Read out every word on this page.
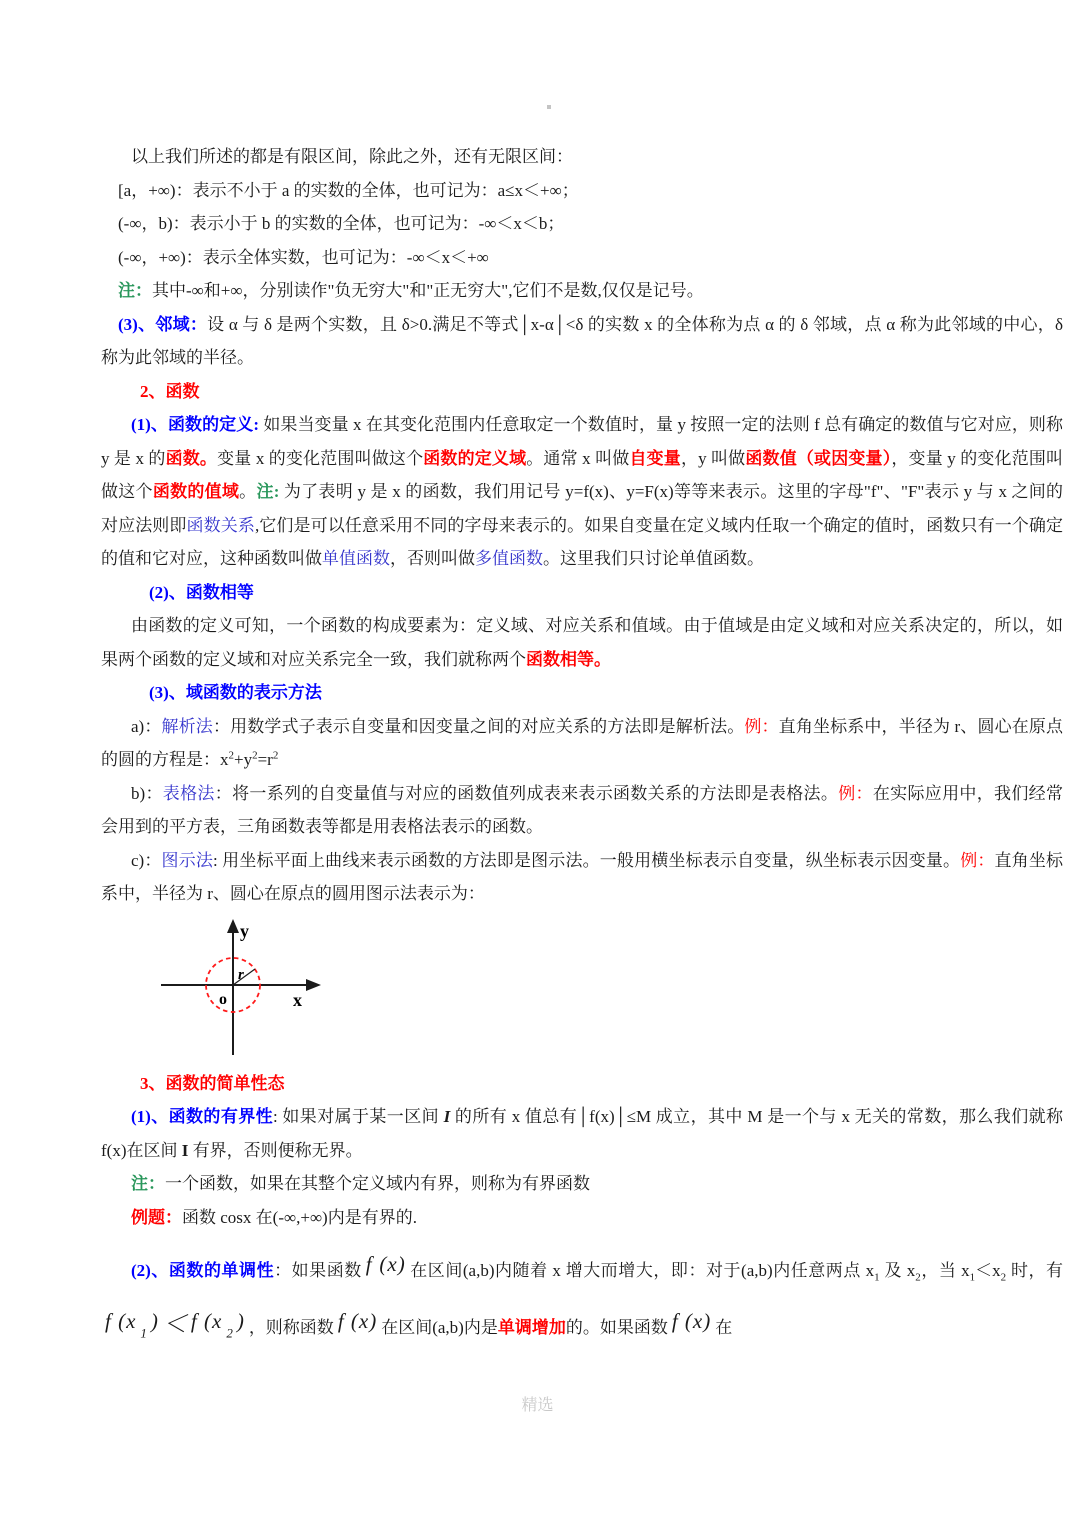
以上我们所述的都是有限区间，除此之外，还有无限区间：
[a，+∞)：表示不小于 a 的实数的全体，也可记为：a≤x＜+∞；
(-∞，b)：表示小于 b 的实数的全体，也可记为：-∞＜x＜b；
(-∞，+∞)：表示全体实数，也可记为：-∞＜x＜+∞
注：其中-∞和+∞，分别读作"负无穷大"和"正无穷大",它们不是数,仅仅是记号。
(3)、邻域：设 α 与 δ 是两个实数，且 δ>0.满足不等式│x-α│<δ 的实数 x 的全体称为点 α 的 δ 邻域，点 α 称为此邻域的中心，δ 称为此邻域的半径。
2、函数
(1)、函数的定义: 如果当变量 x 在其变化范围内任意取定一个数值时，量 y 按照一定的法则 f 总有确定的数值与它对应，则称 y 是 x 的函数。变量 x 的变化范围叫做这个函数的定义域。通常 x 叫做自变量，y 叫做函数值（或因变量），变量 y 的变化范围叫做这个函数的值域。注: 为了表明 y 是 x 的函数，我们用记号 y=f(x)、y=F(x)等等来表示。这里的字母"f"、"F"表示 y 与 x 之间的对应法则即函数关系,它们是可以任意采用不同的字母来表示的。如果自变量在定义域内任取一个确定的值时，函数只有一个确定的值和它对应，这种函数叫做单值函数，否则叫做多值函数。这里我们只讨论单值函数。
(2)、函数相等
由函数的定义可知，一个函数的构成要素为：定义域、对应关系和值域。由于值域是由定义域和对应关系决定的，所以，如果两个函数的定义域和对应关系完全一致，我们就称两个函数相等。
(3)、域函数的表示方法
a)：解析法：用数学式子表示自变量和因变量之间的对应关系的方法即是解析法。例：直角坐标系中，半径为 r、圆心在原点的圆的方程是：$x^2+y^2=r^2$
b)：表格法：将一系列的自变量值与对应的函数值列成表来表示函数关系的方法即是表格法。例：在实际应用中，我们经常会用到的平方表，三角函数表等都是用表格法表示的函数。
c)：图示法: 用坐标平面上曲线来表示函数的方法即是图示法。一般用横坐标表示自变量，纵坐标表示因变量。例：直角坐标系中，半径为 r、圆心在原点的圆用图示法表示为：
y
x
o
r
3、函数的简单性态
(1)、函数的有界性: 如果对属于某一区间 I 的所有 x 值总有│f(x)│≤M 成立，其中 M 是一个与 x 无关的常数，那么我们就称 f(x)在区间 I 有界，否则便称无界。
注：一个函数，如果在其整个定义域内有界，则称为有界函数
例题：函数 cosx 在(-∞,+∞)内是有界的.
(2)、函数的单调性：如果函数 f (x) 在区间(a,b)内随着 x 增大而增大，即：对于(a,b)内任意两点 $x_1$ 及 $x_2$，当 $x_1<x_2$ 时，有 f (x $_1$ ) ＜ f (x $_2$ ) ，则称函数 f (x) 在区间(a,b)内是单调增加的。如果函数 f (x) 在
精选
